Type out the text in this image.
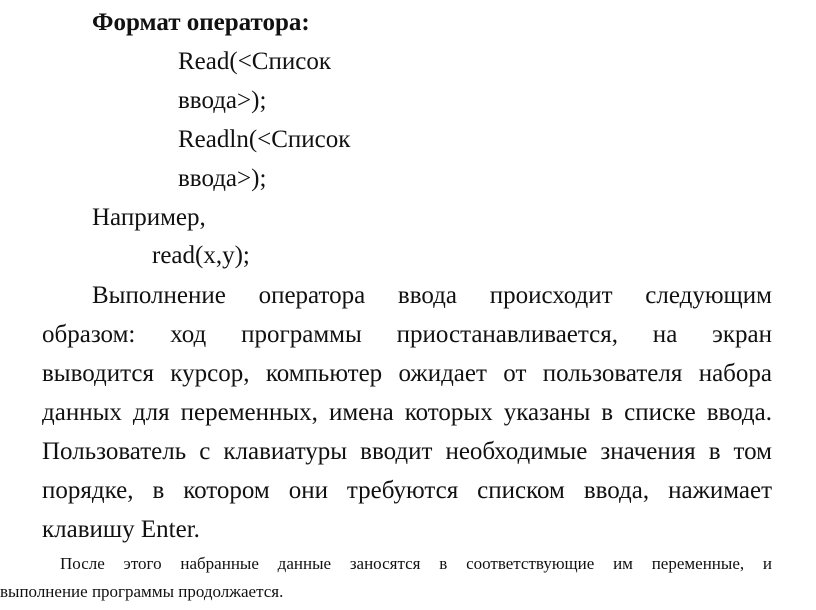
Формат оператора:
Read(<Список
ввода>);
Readln(<Список
ввода>);
Например,
read(x,y);
Выполнение оператора ввода происходит следующим
образом: ход программы приостанавливается, на экран
выводится курсор, компьютер ожидает от пользователя набора
данных для переменных, имена которых указаны в списке ввода.
Пользователь с клавиатуры вводит необходимые значения в том
порядке, в котором они требуются списком ввода, нажимает
клавишу Enter.
После этого набранные данные заносятся в соответствующие им переменные, и
выполнение программы продолжается.
